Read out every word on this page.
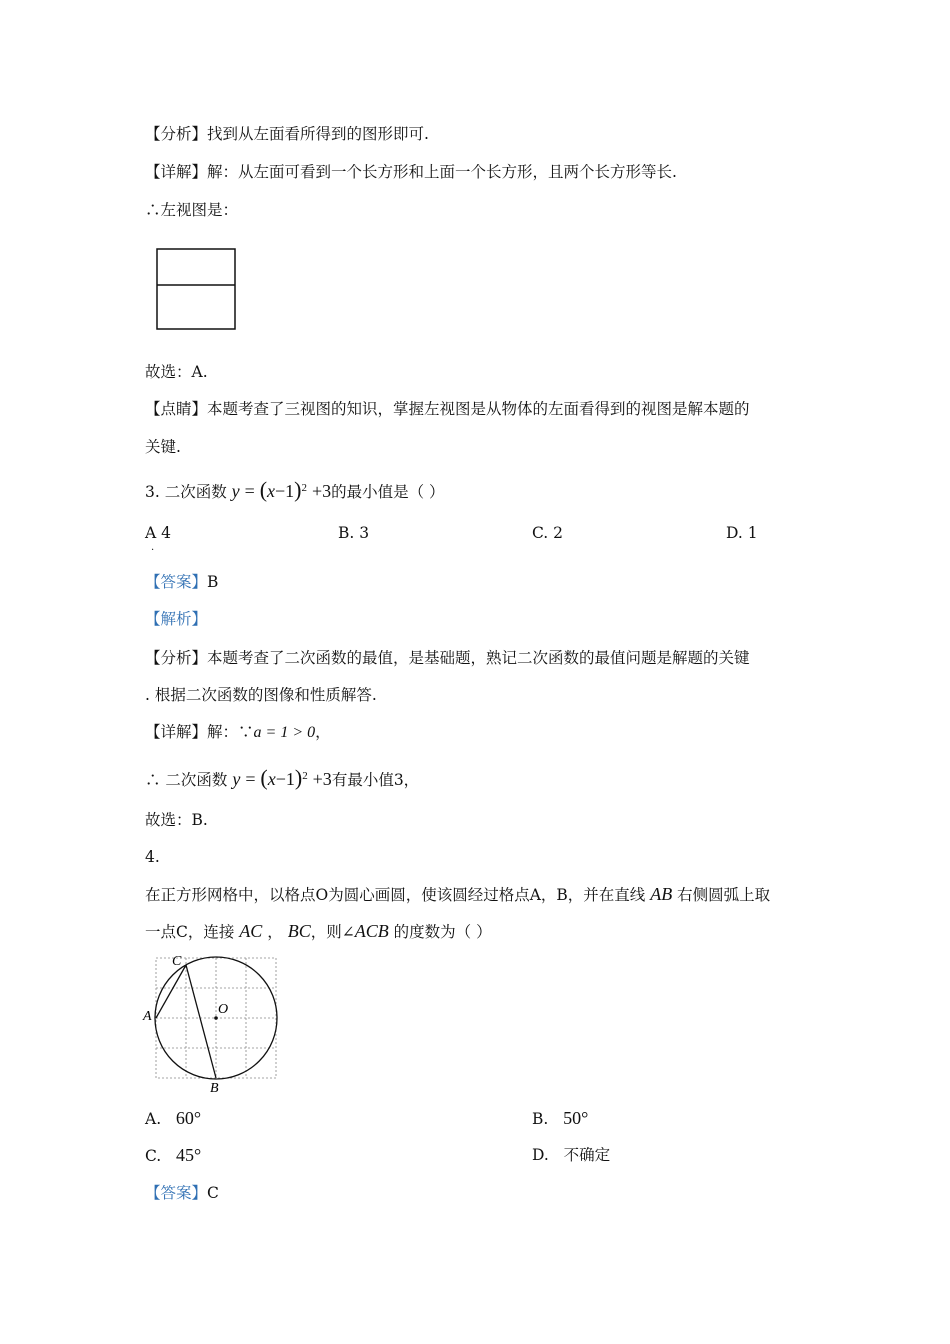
【分析】找到从左面看所得到的图形即可.
【详解】解：从左面可看到一个长方形和上面一个长方形，且两个长方形等长.
∴左视图是：
故选：A.
【点睛】本题考查了三视图的知识，掌握左视图是从物体的左面看得到的视图是解本题的
关键.
3. 二次函数 $y = (x-1)^2 +3$的最小值是（ ）
A 4
.
B. 3	C. 2	D. 1
【答案】B
【解析】
【分析】本题考查了二次函数的最值，是基础题，熟记二次函数的最值问题是解题的关键
. 根据二次函数的图像和性质解答.
【详解】解：∵a = 1 > 0，
∴ 二次函数 $y = (x-1)^2 +3$有最小值3，
故选：B.
4.
在正方形网格中，以格点O为圆心画圆，使该圆经过格点A，B，并在直线 AB 右侧圆弧上取
一点C，连接 AC ， BC，则∠ACB 的度数为（ ）
C
A	O
B
A. 60°	B. 50°
C. 45°	D. 不确定
【答案】C
